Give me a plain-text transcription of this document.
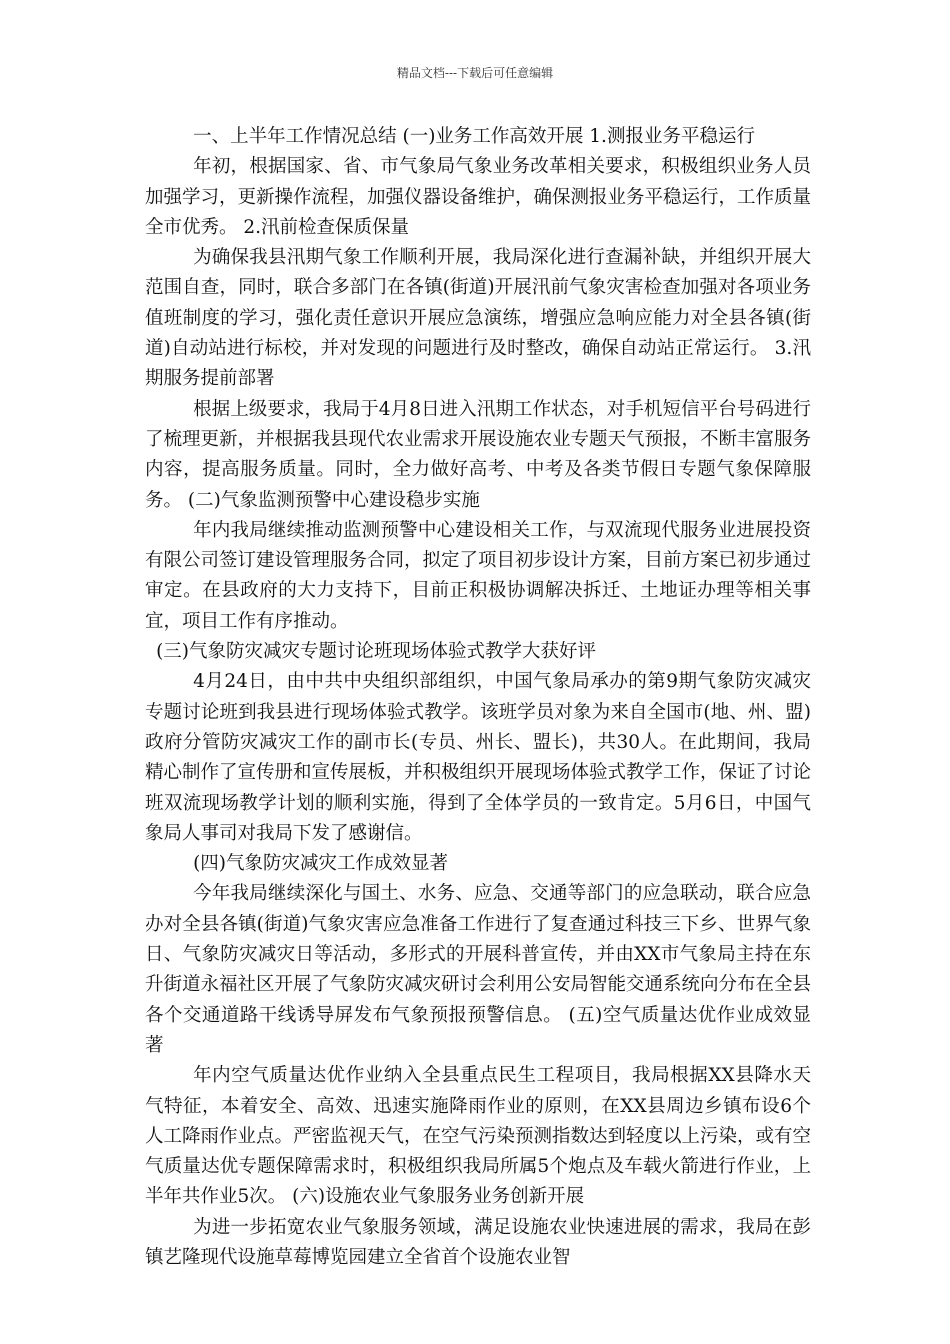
精品文档---下载后可任意编辑

一、上半年工作情况总结 (一)业务工作高效开展 1.测报业务平稳运行

年初，根据国家、省、市气象局气象业务改革相关要求，积极组织业务人员加强学习，更新操作流程，加强仪器设备维护，确保测报业务平稳运行，工作质量全市优秀。 2.汛前检查保质保量

为确保我县汛期气象工作顺利开展，我局深化进行查漏补缺，并组织开展大范围自查，同时，联合多部门在各镇(街道)开展汛前气象灾害检查加强对各项业务值班制度的学习，强化责任意识开展应急演练，增强应急响应能力对全县各镇(街道)自动站进行标校，并对发现的问题进行及时整改，确保自动站正常运行。 3.汛期服务提前部署

根据上级要求，我局于4月8日进入汛期工作状态，对手机短信平台号码进行了梳理更新，并根据我县现代农业需求开展设施农业专题天气预报，不断丰富服务内容，提高服务质量。同时，全力做好高考、中考及各类节假日专题气象保障服务。 (二)气象监测预警中心建设稳步实施

年内我局继续推动监测预警中心建设相关工作，与双流现代服务业进展投资有限公司签订建设管理服务合同，拟定了项目初步设计方案，目前方案已初步通过审定。在县政府的大力支持下，目前正积极协调解决拆迁、土地证办理等相关事宜，项目工作有序推动。

(三)气象防灾减灾专题讨论班现场体验式教学大获好评

4月24日，由中共中央组织部组织，中国气象局承办的第9期气象防灾减灾专题讨论班到我县进行现场体验式教学。该班学员对象为来自全国市(地、州、盟)政府分管防灾减灾工作的副市长(专员、州长、盟长)，共30人。在此期间，我局精心制作了宣传册和宣传展板，并积极组织开展现场体验式教学工作，保证了讨论班双流现场教学计划的顺利实施，得到了全体学员的一致肯定。5月6日，中国气象局人事司对我局下发了感谢信。

(四)气象防灾减灾工作成效显著

今年我局继续深化与国土、水务、应急、交通等部门的应急联动，联合应急办对全县各镇(街道)气象灾害应急准备工作进行了复查通过科技三下乡、世界气象日、气象防灾减灾日等活动，多形式的开展科普宣传，并由XX市气象局主持在东升街道永福社区开展了气象防灾减灾研讨会利用公安局智能交通系统向分布在全县各个交通道路干线诱导屏发布气象预报预警信息。 (五)空气质量达优作业成效显著

年内空气质量达优作业纳入全县重点民生工程项目，我局根据XX县降水天气特征，本着安全、高效、迅速实施降雨作业的原则，在XX县周边乡镇布设6个人工降雨作业点。严密监视天气，在空气污染预测指数达到轻度以上污染，或有空气质量达优专题保障需求时，积极组织我局所属5个炮点及车载火箭进行作业，上半年共作业5次。 (六)设施农业气象服务业务创新开展

为进一步拓宽农业气象服务领域，满足设施农业快速进展的需求，我局在彭镇艺隆现代设施草莓博览园建立全省首个设施农业智
